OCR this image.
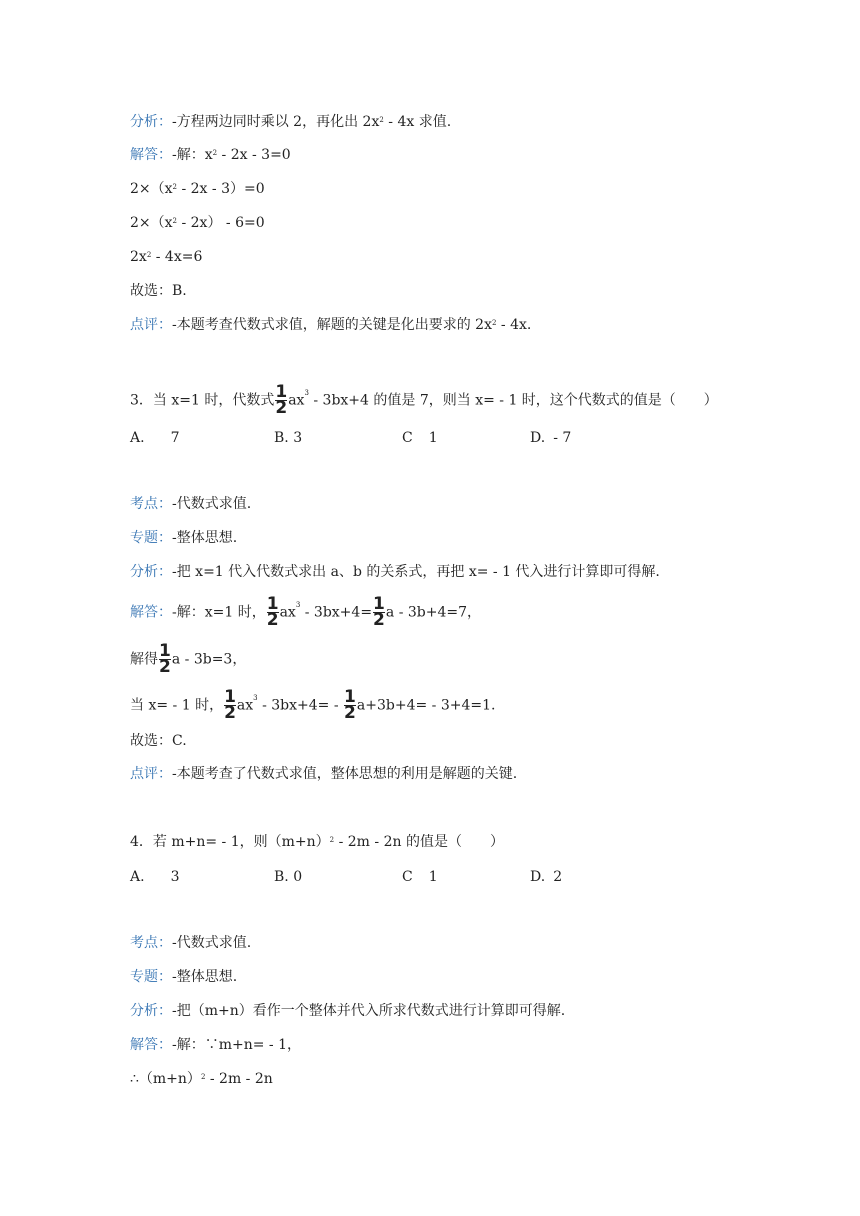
分析：-方程两边同时乘以 2，再化出 $2x^2 - 4x$ 求值.
解答：-解：$x^2 - 2x - 3=0$
$2\times(x^2 - 2x - 3)=0$
$2\times(x^2 - 2x) - 6=0$
$2x^2 - 4x=6$
故选：B.
点评：-本题考查代数式求值，解题的关键是化出要求的 $2x^2 - 4x$.
3．当 x=1 时，代数式 $\frac{1}{2} ax^3 - 3bx+4$ 的值是 7，则当 x= - 1 时，这个代数式的值是（　　）
A. 7	B. 3	C 1	D. - 7
考点：-代数式求值.
专题：-整体思想.
分析：-把 x=1 代入代数式求出 a、b 的关系式，再把 x= - 1 代入进行计算即可得解.
解答：-解：x=1 时， $\frac{1}{2} ax^3 - 3bx+4= \frac{1}{2}$ a - 3b+4=7，
解得 $\frac{1}{2}$ a - 3b=3，
当 x= - 1 时， $\frac{1}{2} ax^3 - 3bx+4= - \frac{1}{2} a+3b+4= - 3+4=1$.
故选：C.
点评：-本题考查了代数式求值，整体思想的利用是解题的关键.
4．若 m+n= - 1，则$(m+n)^2 - 2m - 2n$ 的值是（　　）
A. 3	B. 0	C 1	D. 2
考点：-代数式求值.
专题：-整体思想.
分析：-把（m+n）看作一个整体并代入所求代数式进行计算即可得解.
解答：-解：∵m+n= - 1，
$\therefore(m+n)^2 - 2m - 2n$
